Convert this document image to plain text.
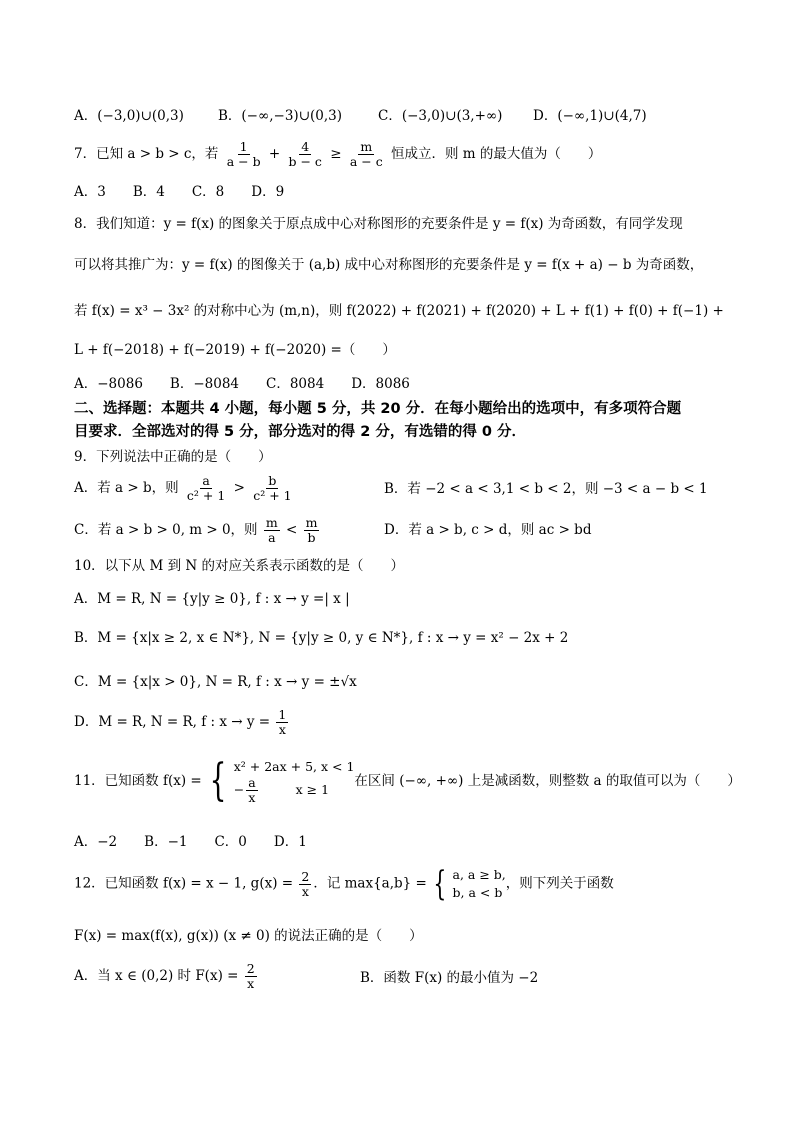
A．(−3,0)∪(0,3)	B．(−∞,−3)∪(0,3)	C．(−3,0)∪(3,+∞) D．(−∞,1)∪(4,7)
7．已知 a > b > c，若 $\frac{1}{a - b} + \frac{4}{b - c} \ge \frac{m}{a - c}$ 恒成立．则 m 的最大值为（　　）
A．3　　B．4　　C．8　　D．9
8．我们知道：y = f(x) 的图象关于原点成中心对称图形的充要条件是 y = f(x) 为奇函数，有同学发现
可以将其推广为：y = f(x) 的图像关于 (a,b) 成中心对称图形的充要条件是 y = f(x + a) − b 为奇函数，
若 f(x) = x³ − 3x² 的对称中心为 (m,n)，则 f(2022) + f(2021) + f(2020) + L + f(1) + f(0) + f(−1) +
L + f(−2018) + f(−2019) + f(−2020) =（　　）
A．−8086　　B．−8084　　C．8084　　D．8086
二、选择题：本题共 4 小题，每小题 5 分，共 20 分．在每小题给出的选项中，有多项符合题
目要求．全部选对的得 5 分，部分选对的得 2 分，有选错的得 0 分．
9．下列说法中正确的是（　　）
A．若 a > b，则 $\frac{a}{\text{c² + 1}} > \frac{b}{\text{c² + 1}}$	B．若 −2 < a < 3,1 < b < 2，则 −3 < a − b < 1
C．若 a > b > 0, m > 0，则 $\frac{m}{a} < \frac{m}{b}$	D．若 a > b, c > d，则 ac > bd
10．以下从 M 到 N 的对应关系表示函数的是（　　）
A．M = R, N = {y|y ≥ 0}, f : x → y =| x |
B．M = {x|x ≥ 2, x ∈ N*}, N = {y|y ≥ 0, y ∈ N*}, f : x → y = x² − 2x + 2
C．M = {x|x > 0}, N = R, f : x → y = ±√x
D．M = R, N = R, f : $x \to y = \frac{1}{x}$
11．已知函数 f(x) = { x² + 2ax + 5, x < 1
− $\frac{a}{x}$	x ≥ 1
在区间 (−∞, +∞) 上是减函数，则整数 a 的取值可以为（　　）
A．−2　　B．−1　　C．0　　D．1
12．已知函数 f(x) = x − 1, $g(x) = \frac{2}{x}$ ．记 max{a,b} = { a, a ≥ b,
b, a < b
，则下列关于函数
F(x) = max(f(x), g(x)) (x ≠ 0) 的说法正确的是（　　）
A．当 x ∈ (0,2) 时 $F(x) = \frac{2}{x}$	B．函数 F(x) 的最小值为 −2
